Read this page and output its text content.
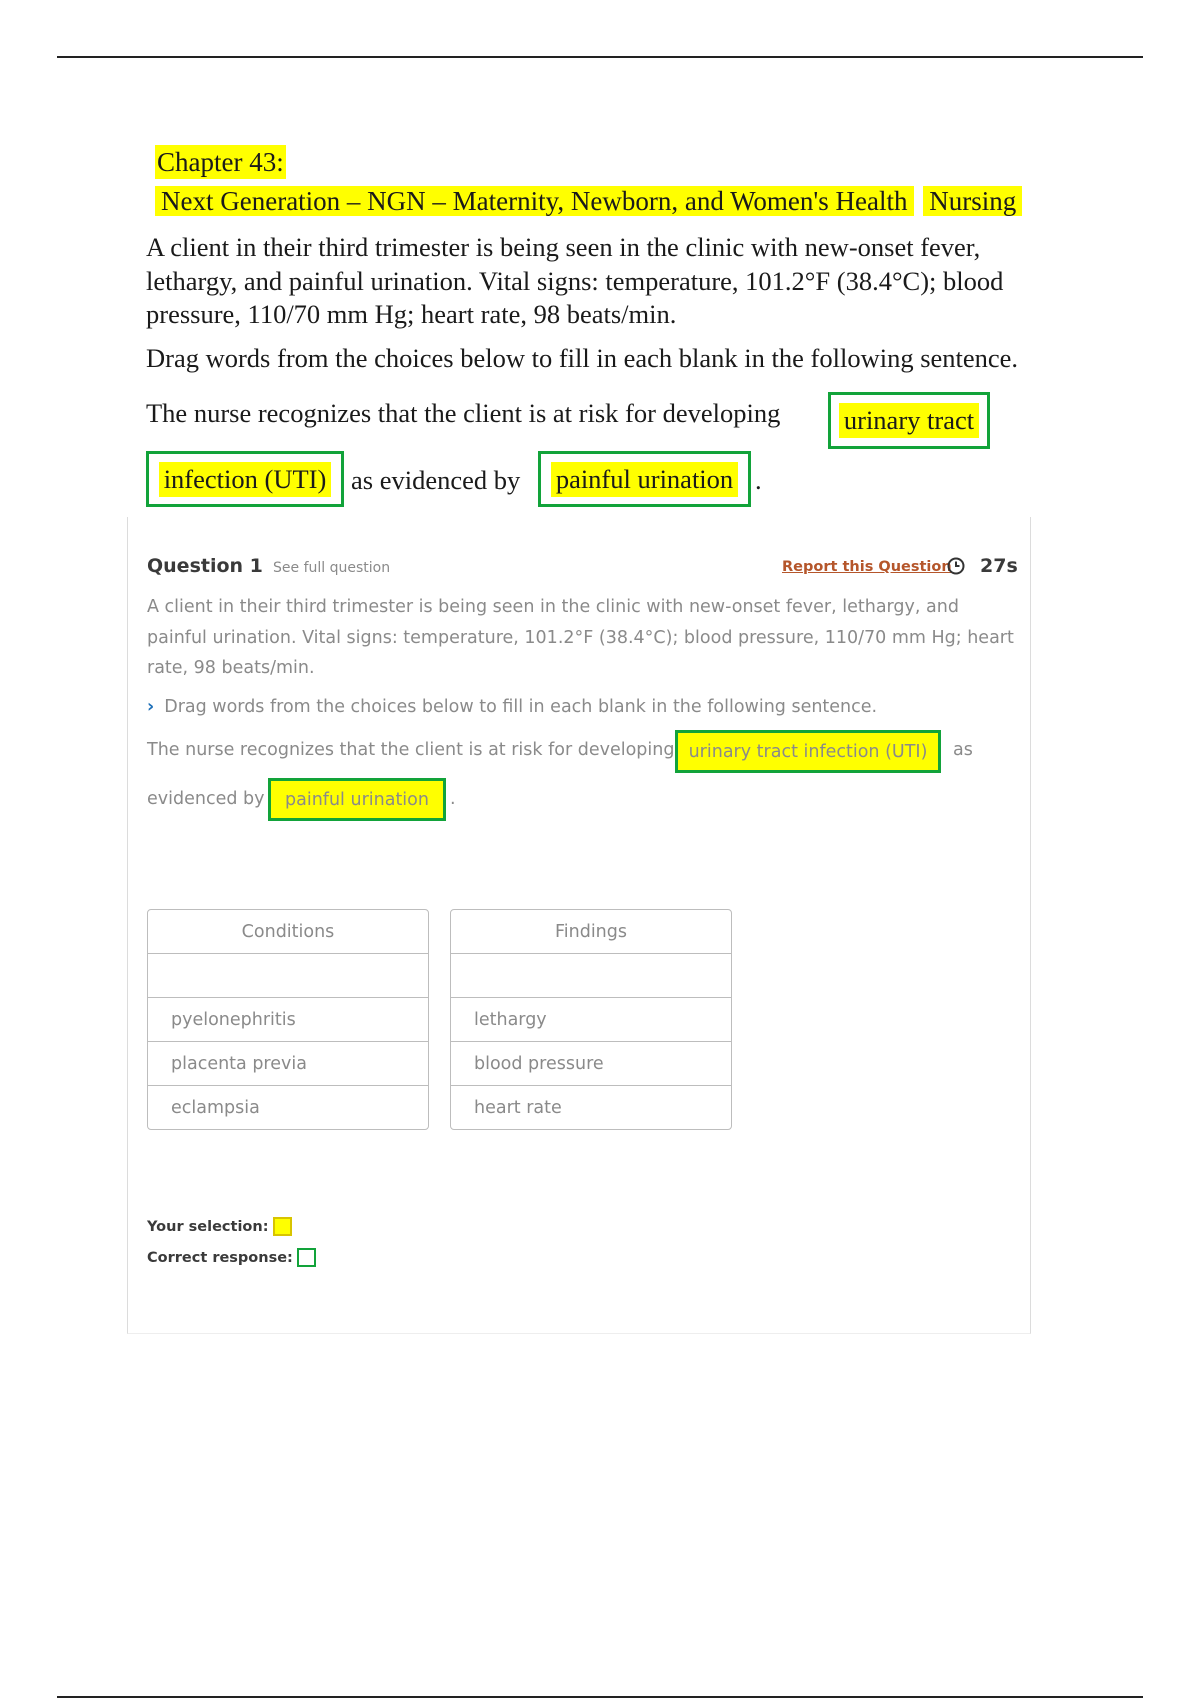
Chapter 43:
Next Generation – NGN – Maternity, Newborn, and Women's Health Nursing
A client in their third trimester is being seen in the clinic with new-onset fever, lethargy, and painful urination. Vital signs: temperature, 101.2°F (38.4°C); blood pressure, 110/70 mm Hg; heart rate, 98 beats/min.
Drag words from the choices below to fill in each blank in the following sentence.
The nurse recognizes that the client is at risk for developing urinary tract
infection (UTI) as evidenced by painful urination .
Question 1 See full question	Report this Question 27s
A client in their third trimester is being seen in the clinic with new-onset fever, lethargy, and painful urination. Vital signs: temperature, 101.2°F (38.4°C); blood pressure, 110/70 mm Hg; heart rate, 98 beats/min.
› Drag words from the choices below to fill in each blank in the following sentence.
The nurse recognizes that the client is at risk for developing urinary tract infection (UTI)	as
evidenced by	painful urination	.
Conditions
pyelonephritis
placenta previa
eclampsia
Findings
lethargy
blood pressure
heart rate
Your selection:
Correct response:
